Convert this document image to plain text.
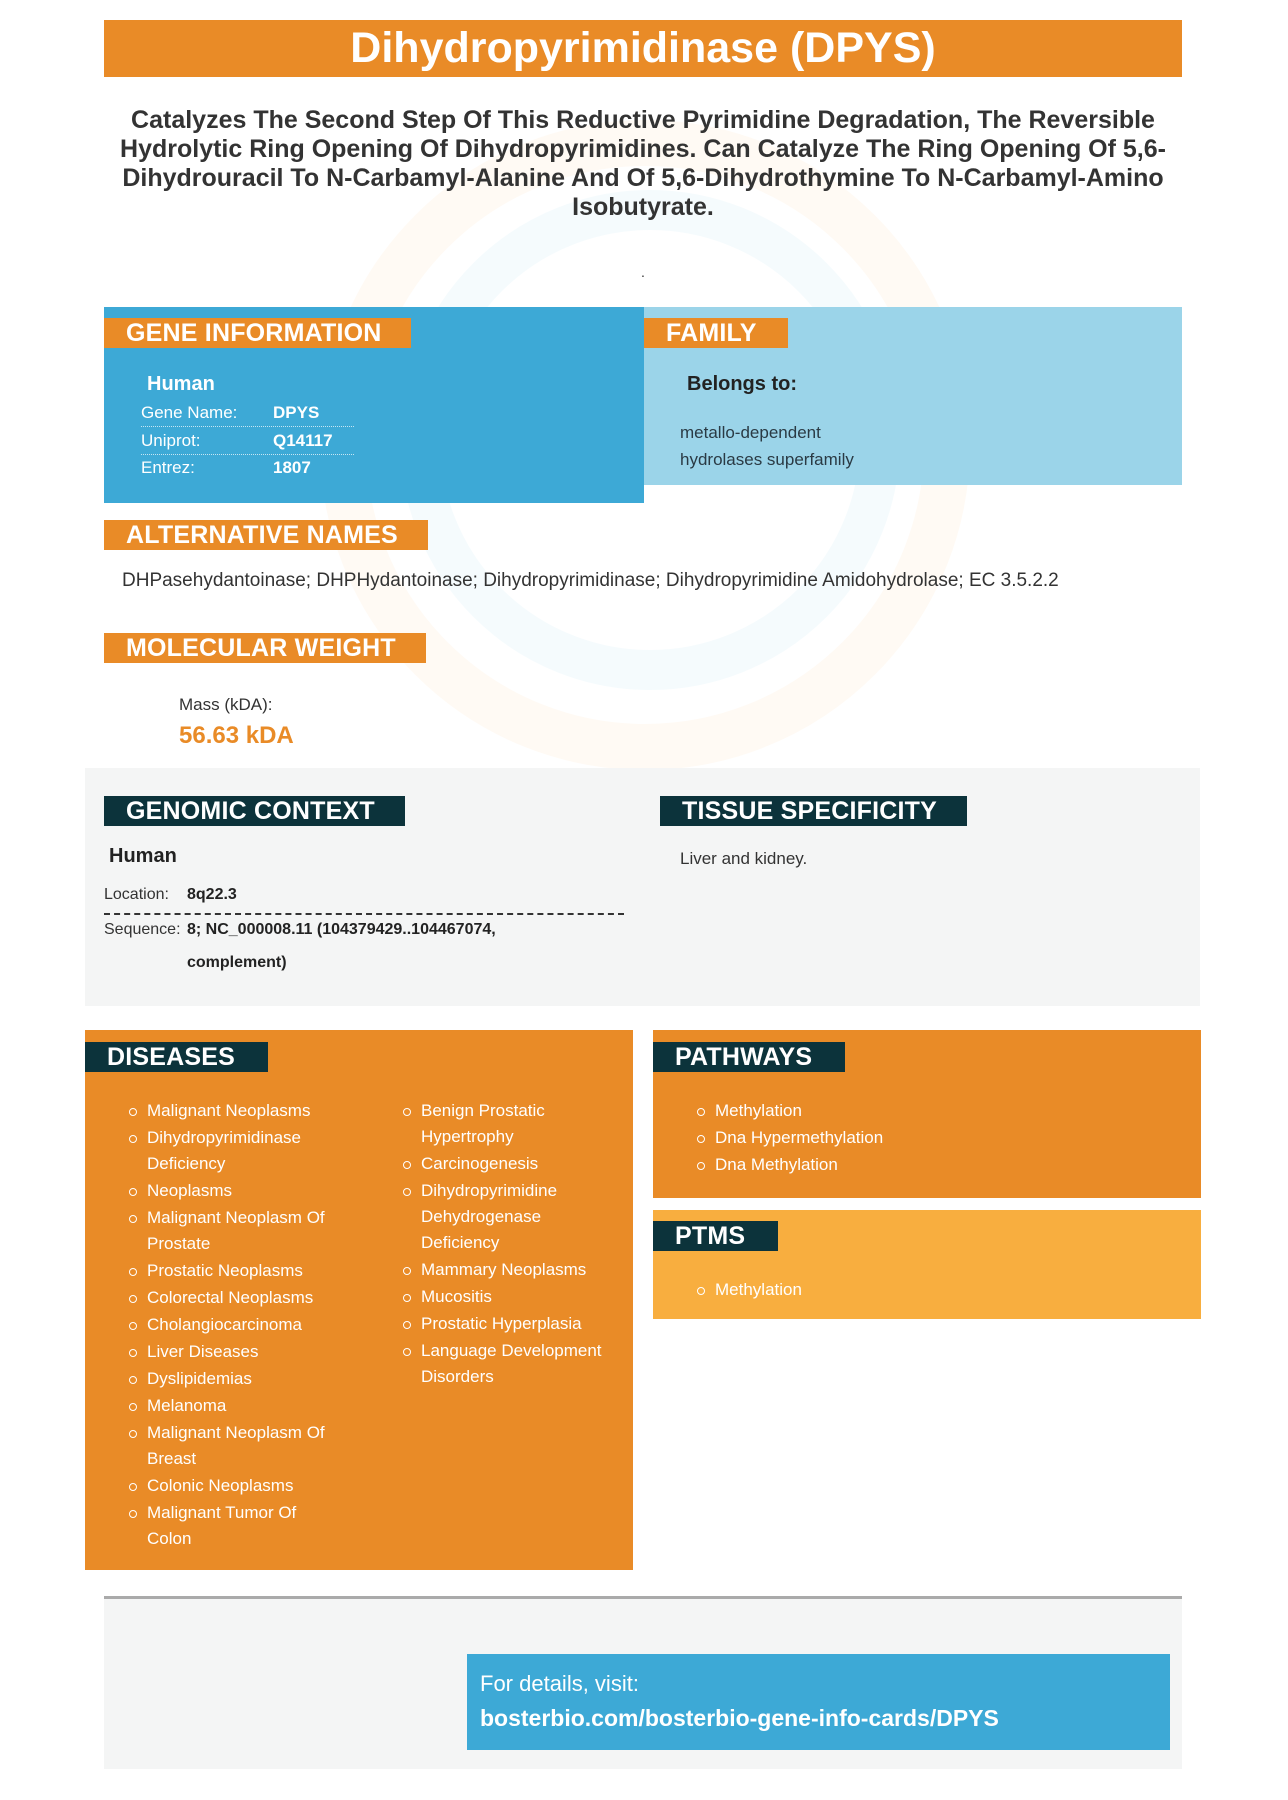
Dihydropyrimidinase (DPYS)
Catalyzes The Second Step Of This Reductive Pyrimidine Degradation, The Reversible Hydrolytic Ring Opening Of Dihydropyrimidines. Can Catalyze The Ring Opening Of 5,6- Dihydrouracil To N-Carbamyl-Alanine And Of 5,6-Dihydrothymine To N-Carbamyl-Amino Isobutyrate.
.
GENE INFORMATION
Human
Gene Name: DPYS
Uniprot:	Q14117
Entrez:	1807
FAMILY
Belongs to:
metallo-dependent
hydrolases superfamily
ALTERNATIVE NAMES
DHPasehydantoinase; DHPHydantoinase; Dihydropyrimidinase; Dihydropyrimidine Amidohydrolase; EC 3.5.2.2
MOLECULAR WEIGHT
Mass (kDA):
56.63 kDA
GENOMIC CONTEXT
Human
Location: 8q22.3
Sequence: 8; NC_000008.11 (104379429..104467074,
complement)
TISSUE SPECIFICITY
Liver and kidney.
DISEASES
Malignant Neoplasms
Dihydropyrimidinase
Deficiency
Neoplasms
Malignant Neoplasm Of
Prostate
Prostatic Neoplasms
Colorectal Neoplasms
Cholangiocarcinoma
Liver Diseases
Dyslipidemias
Melanoma
Malignant Neoplasm Of
Breast
Colonic Neoplasms
Malignant Tumor Of
Colon
Benign Prostatic
Hypertrophy
Carcinogenesis
Dihydropyrimidine
Dehydrogenase
Deficiency
Mammary Neoplasms
Mucositis
Prostatic Hyperplasia
Language Development
Disorders
PATHWAYS
Methylation
Dna Hypermethylation
Dna Methylation
PTMS
Methylation
For details, visit:
bosterbio.com/bosterbio-gene-info-cards/DPYS
